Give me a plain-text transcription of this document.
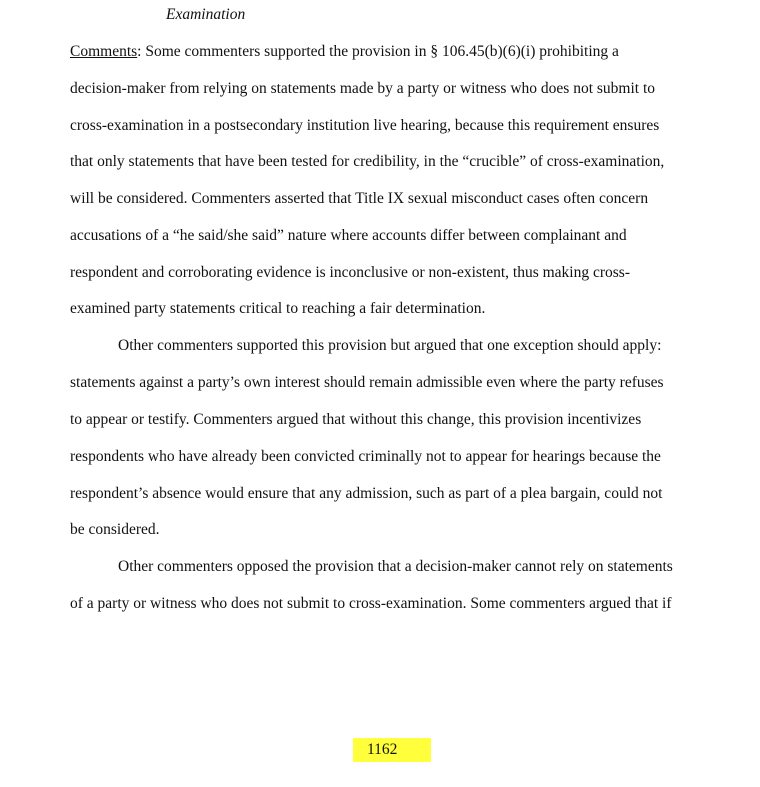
Examination
Comments: Some commenters supported the provision in § 106.45(b)(6)(i) prohibiting a
decision-maker from relying on statements made by a party or witness who does not submit to
cross-examination in a postsecondary institution live hearing, because this requirement ensures
that only statements that have been tested for credibility, in the “crucible” of cross-examination,
will be considered. Commenters asserted that Title IX sexual misconduct cases often concern
accusations of a “he said/she said” nature where accounts differ between complainant and
respondent and corroborating evidence is inconclusive or non-existent, thus making cross-
examined party statements critical to reaching a fair determination.
Other commenters supported this provision but argued that one exception should apply:
statements against a party’s own interest should remain admissible even where the party refuses
to appear or testify. Commenters argued that without this change, this provision incentivizes
respondents who have already been convicted criminally not to appear for hearings because the
respondent’s absence would ensure that any admission, such as part of a plea bargain, could not
be considered.
Other commenters opposed the provision that a decision-maker cannot rely on statements
of a party or witness who does not submit to cross-examination. Some commenters argued that if
1162
